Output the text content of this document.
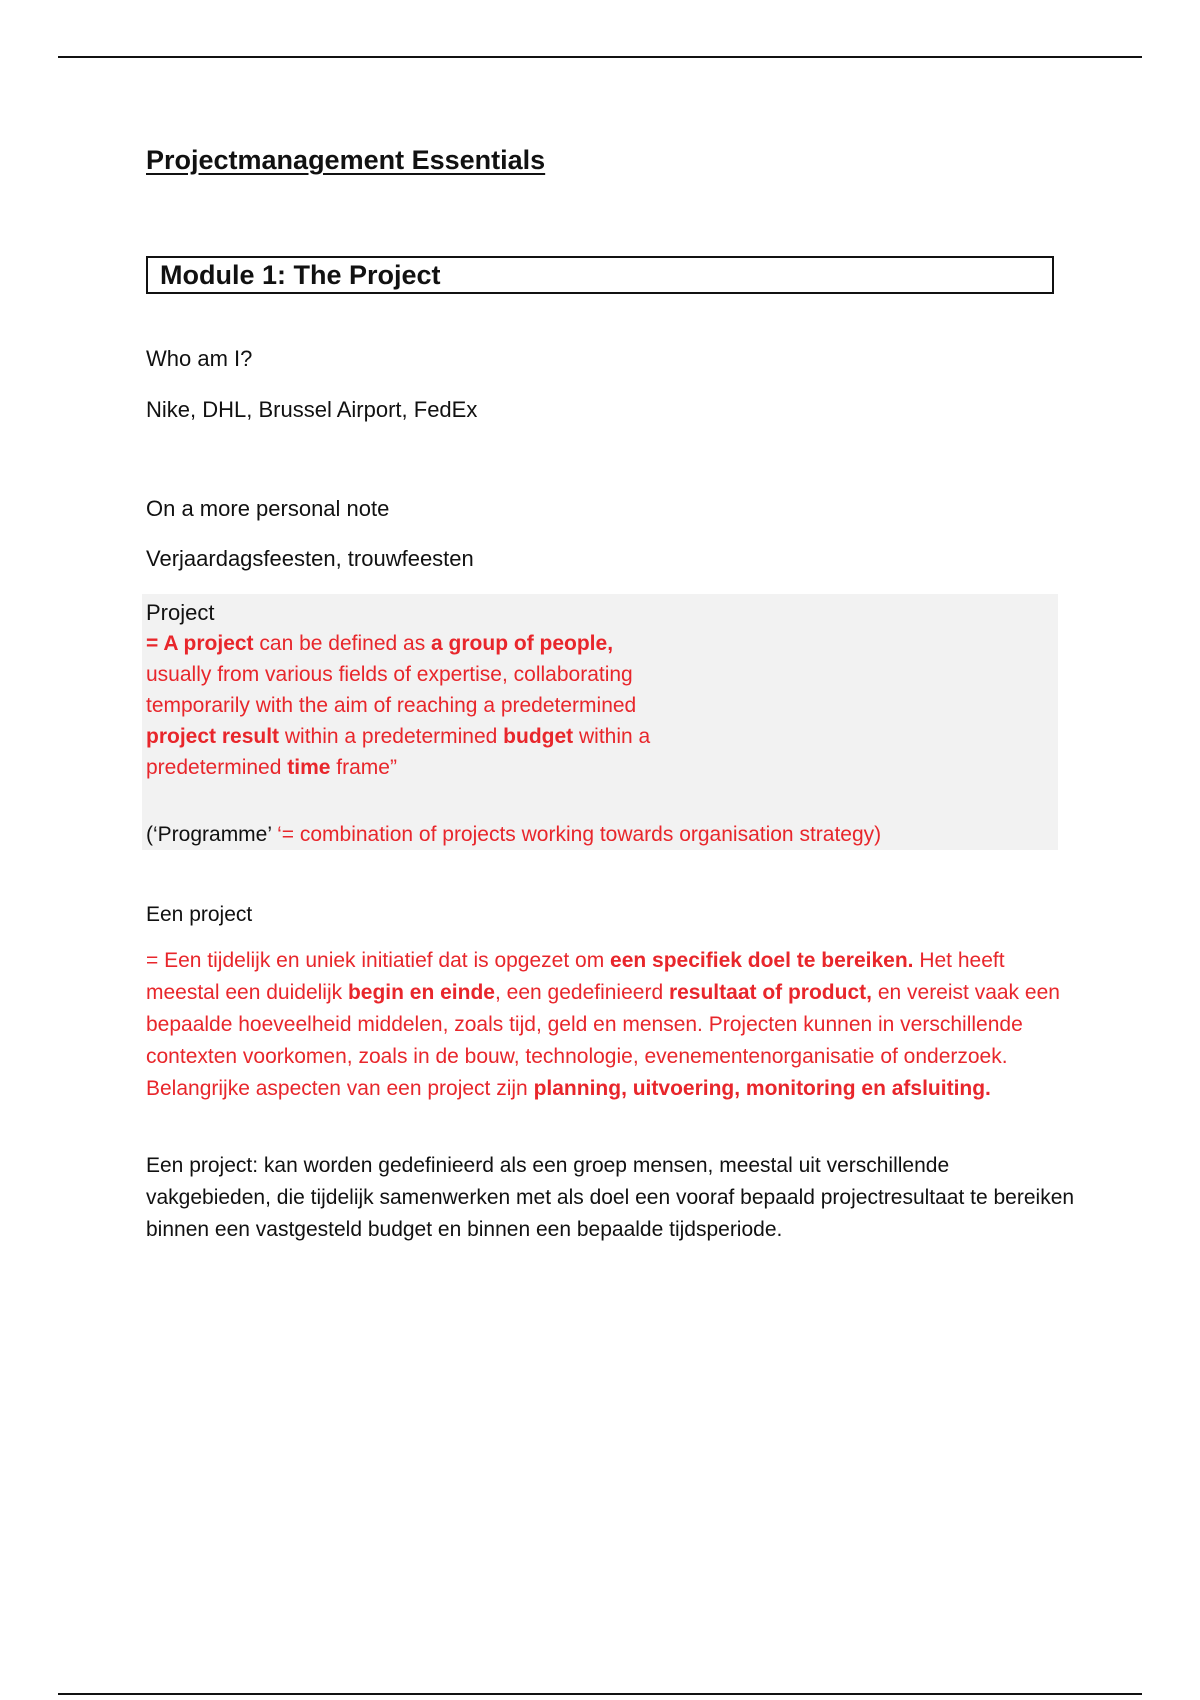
Projectmanagement Essentials
Module 1: The Project

Who am I?

Nike, DHL, Brussel Airport, FedEx

On a more personal note

Verjaardagsfeesten, trouwfeesten

Project
= A project can be defined as a group of people,
usually from various fields of expertise, collaborating
temporarily with the aim of reaching a predetermined
project result within a predetermined budget within a
predetermined time frame”
(‘Programme’ ‘= combination of projects working towards organisation strategy)

Een project

= Een tijdelijk en uniek initiatief dat is opgezet om een specifiek doel te bereiken. Het heeft meestal een duidelijk begin en einde, een gedefinieerd resultaat of product, en vereist vaak een bepaalde hoeveelheid middelen, zoals tijd, geld en mensen. Projecten kunnen in verschillende contexten voorkomen, zoals in de bouw, technologie, evenementenorganisatie of onderzoek. Belangrijke aspecten van een project zijn planning, uitvoering, monitoring en afsluiting.

Een project: kan worden gedefinieerd als een groep mensen, meestal uit verschillende vakgebieden, die tijdelijk samenwerken met als doel een vooraf bepaald projectresultaat te bereiken binnen een vastgesteld budget en binnen een bepaalde tijdsperiode.
